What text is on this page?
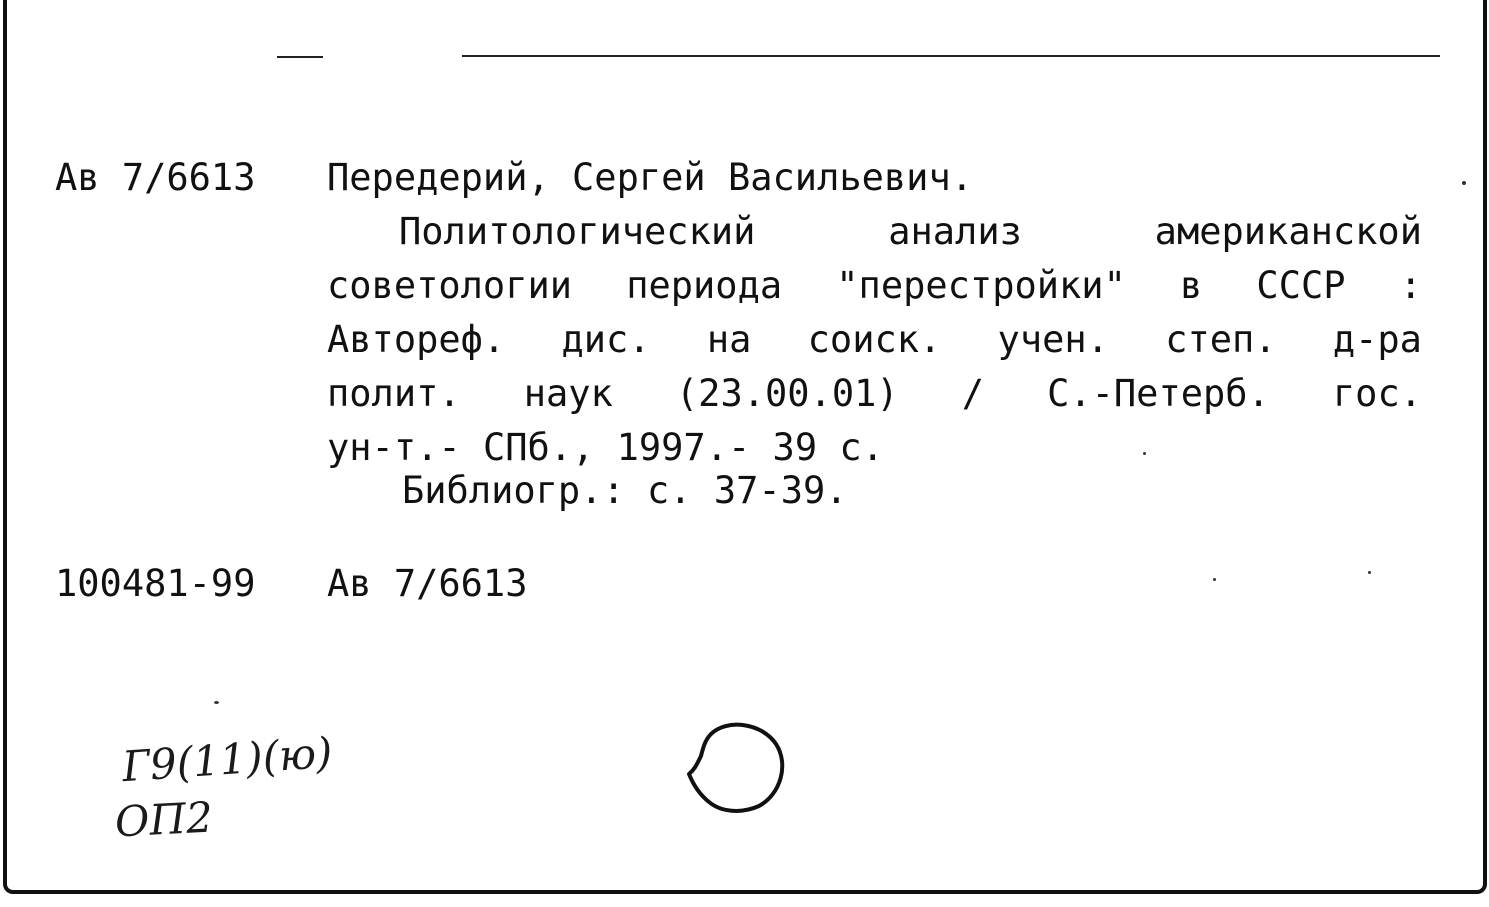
Ав 7/6613 Передерий, Сергей Васильевич.
Политологический	анализ	американской
советологии периода "перестройки" в СССР :
Автореф. дис. на соиск. учен. степ. д-ра
полит. наук (23.00.01) / С.-Петерб. гос.
ун-т.- СПб., 1997.- 39 с.
Библиогр.: с. 37-39.
100481-99 Ав 7/6613
Г9(11)(ю)
ОП2
